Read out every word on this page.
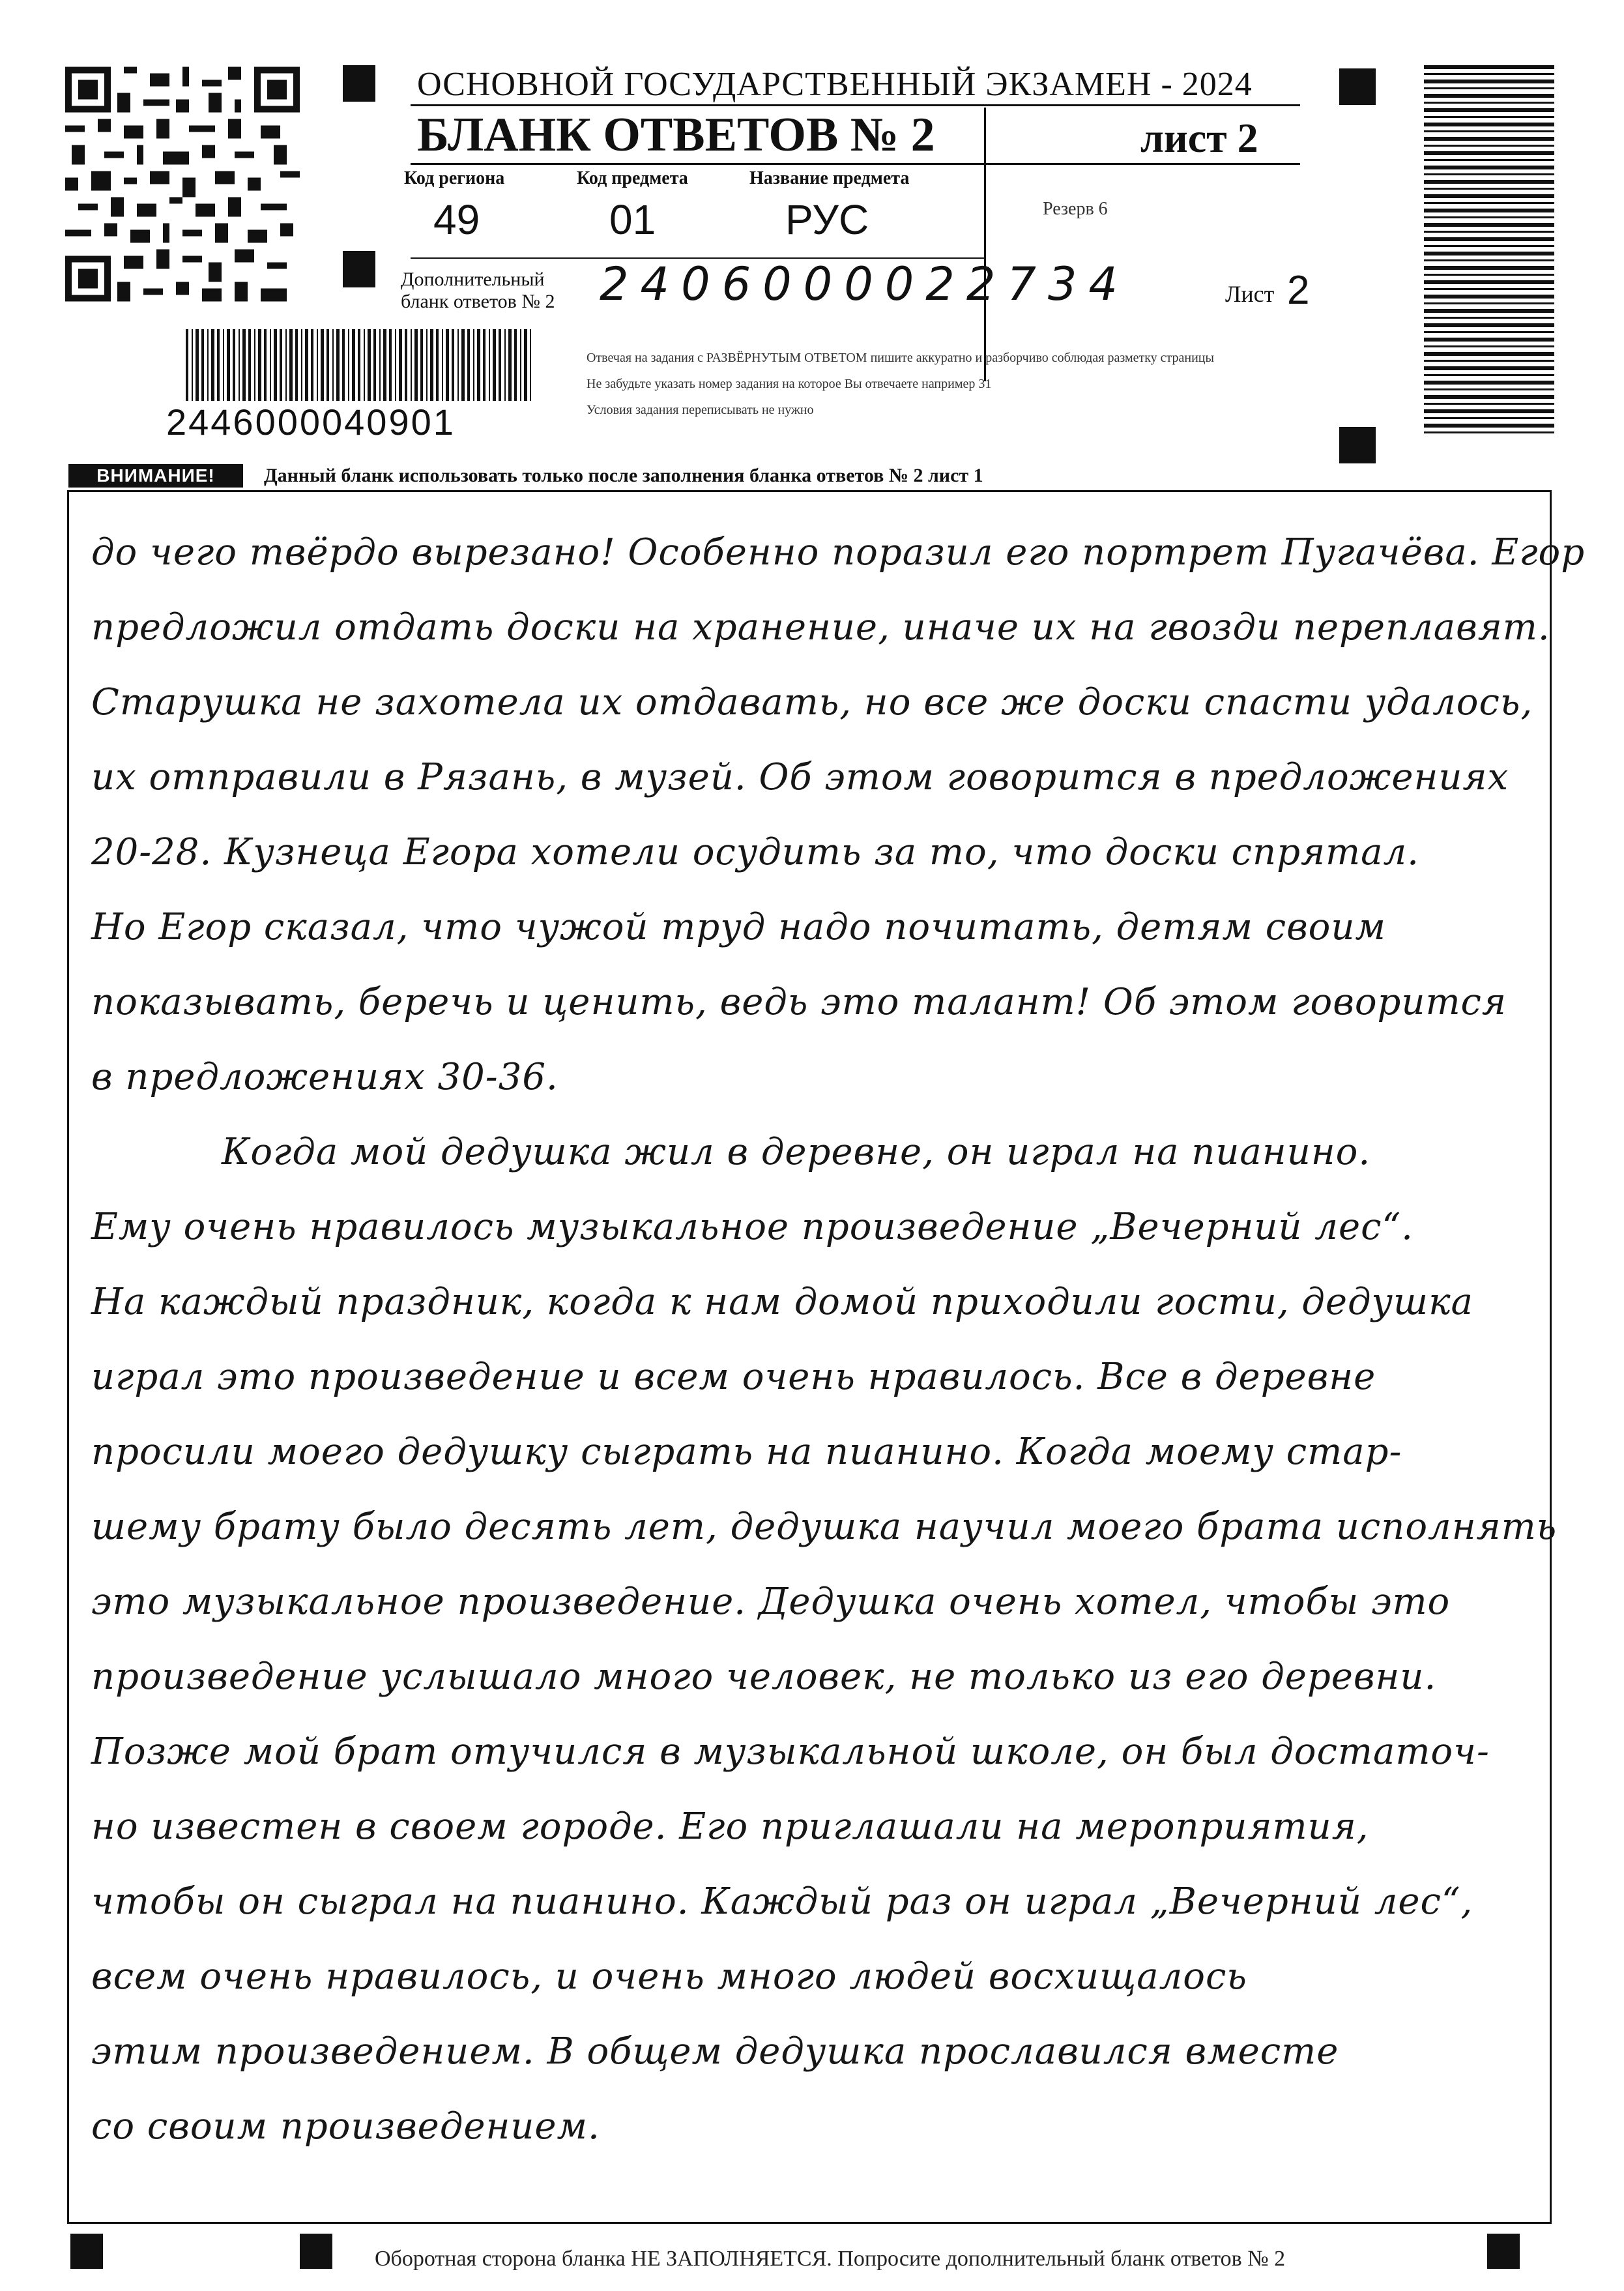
ОСНОВНОЙ ГОСУДАРСТВЕННЫЙ ЭКЗАМЕН - 2024
БЛАНК ОТВЕТОВ № 2	лист 2
Код региона
49
Код предмета
01
Название предмета
РУС	Резерв 6
Дополнительный бланк ответов № 2 2406000022734	Лист 2
2446000040901
Отвечая на задания с РАЗВЁРНУТЫМ ОТВЕТОМ пишите аккуратно и разборчиво соблюдая разметку страницы
Не забудьте указать номер задания на которое Вы отвечаете например 31
Условия задания переписывать не нужно
ВНИМАНИЕ!	Данный бланк использовать только после заполнения бланка ответов № 2 лист 1
до чего твёрдо вырезано! Особенно поразил его портрет Пугачёва. Егор
предложил отдать доски на хранение, иначе их на гвозди переплавят.
Старушка не захотела их отдавать, но все же доски спасти удалось,
их отправили в Рязань, в музей. Об этом говорится в предложениях
20-28. Кузнеца Егора хотели осудить за то, что доски спрятал.
Но Егор сказал, что чужой труд надо почитать, детям своим
показывать, беречь и ценить, ведь это талант! Об этом говорится
в предложениях 30-36.
Когда мой дедушка жил в деревне, он играл на пианино.
Ему очень нравилось музыкальное произведение „Вечерний лес“.
На каждый праздник, когда к нам домой приходили гости, дедушка
играл это произведение и всем очень нравилось. Все в деревне
просили моего дедушку сыграть на пианино. Когда моему стар-
шему брату было десять лет, дедушка научил моего брата исполнять
это музыкальное произведение. Дедушка очень хотел, чтобы это
произведение услышало много человек, не только из его деревни.
Позже мой брат отучился в музыкальной школе, он был достаточ-
но известен в своем городе. Его приглашали на мероприятия,
чтобы он сыграл на пианино. Каждый раз он играл „Вечерний лес“,
всем очень нравилось, и очень много людей восхищалось
этим произведением. В общем дедушка прославился вместе
со своим произведением.
Оборотная сторона бланка НЕ ЗАПОЛНЯЕТСЯ. Попросите дополнительный бланк ответов № 2
